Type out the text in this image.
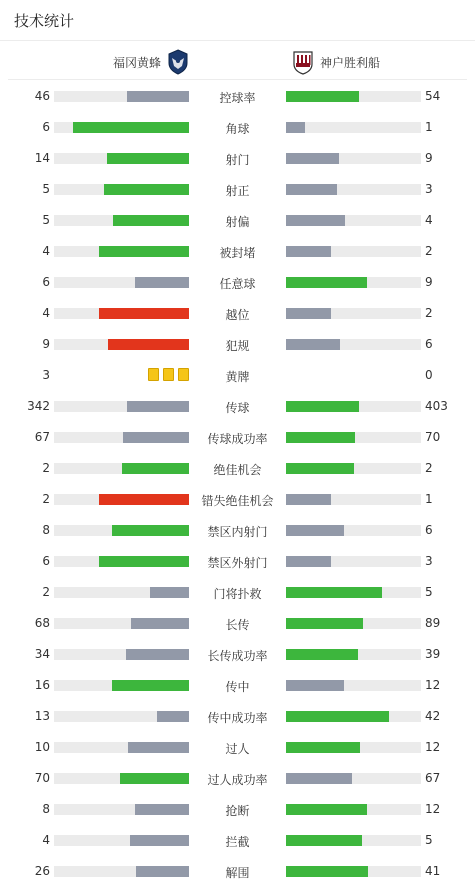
技术统计
福冈黄蜂	神户胜利船
46	控球率	54
6	角球	1
14	射门	9
5	射正	3
5	射偏	4
4	被封堵	2
6	任意球	9
4	越位	2
9	犯规	6
3	黄牌	0
342	传球	403
67	传球成功率	70
2	绝佳机会	2
2	错失绝佳机会	1
8	禁区内射门	6
6	禁区外射门	3
2	门将扑救	5
68	长传	89
34	长传成功率	39
16	传中	12
13	传中成功率	42
10	过人	12
70	过人成功率	67
8	抢断	12
4	拦截	5
26	解围	41
